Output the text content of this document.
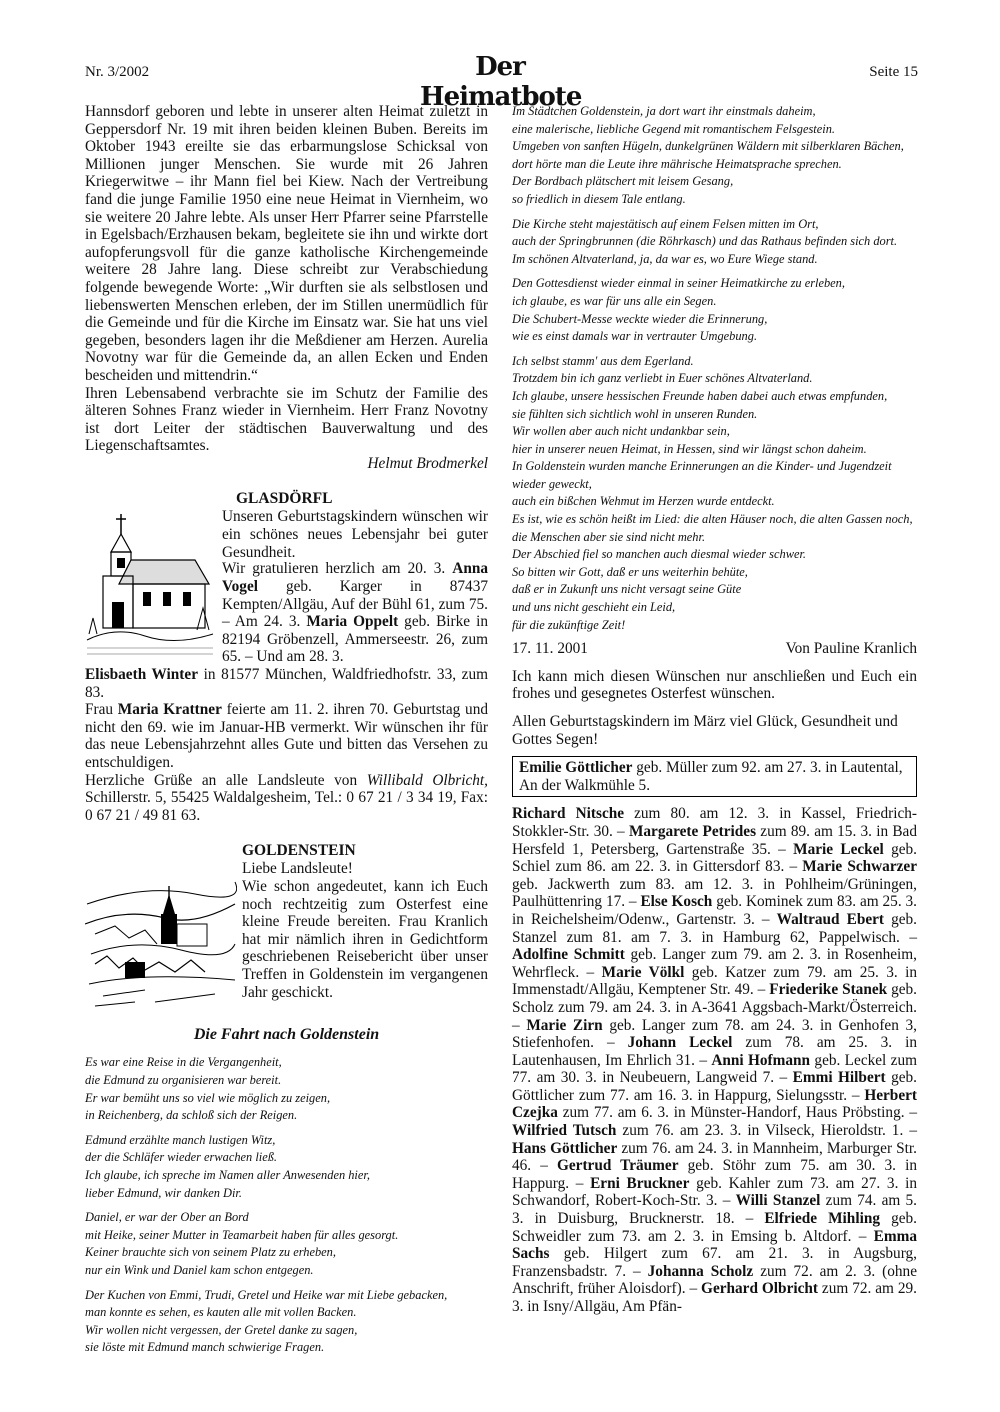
Nr. 3/2002	Der Heimatbote
Seite 15

Hannsdorf geboren und lebte in unserer alten Heimat zuletzt in Geppersdorf Nr. 19 mit ihren beiden kleinen Buben. Bereits im Oktober 1943 ereilte sie das erbarmungslose Schicksal von Millionen junger Menschen. Sie wurde mit 26 Jahren Kriegerwitwe – ihr Mann fiel bei Kiew. Nach der Vertreibung fand die junge Familie 1950 eine neue Heimat in Viernheim, wo sie weitere 20 Jahre lebte. Als unser Herr Pfarrer seine Pfarrstelle in Egelsbach/Erzhausen bekam, begleitete sie ihn und wirkte dort aufopferungsvoll für die ganze katholische Kirchengemeinde weitere 28 Jahre lang. Diese schreibt zur Verabschiedung folgende bewegende Worte: „Wir durften sie als selbstlosen und liebenswerten Menschen erleben, der im Stillen unermüdlich für die Gemeinde und für die Kirche im Einsatz war. Sie hat uns viel gegeben, besonders lagen ihr die Meßdiener am Herzen. Aurelia Novotny war für die Gemeinde da, an allen Ecken und Enden bescheiden und mittendrin.“

Ihren Lebensabend verbrachte sie im Schutz der Familie des älteren Sohnes Franz wieder in Viernheim. Herr Franz Novotny ist dort Leiter der städtischen Bauverwaltung und des Liegenschaftsamtes.

Helmut Brodmerkel

GLASDÖRFL

Unseren Geburtstagskindern wünschen wir ein schönes neues Lebensjahr bei guter Gesundheit.

Wir gratulieren herzlich am 20. 3. Anna Vogel geb. Karger in 87437 Kempten/Allgäu, Auf der Bühl 61, zum 75. – Am 24. 3. Maria Oppelt geb. Birke in 82194 Gröbenzell, Ammerseestr. 26, zum 65. – Und am 28. 3.

Elisbaeth Winter in 81577 München, Waldfriedhofstr. 33, zum 83.

Frau Maria Krattner feierte am 11. 2. ihren 70. Geburtstag und nicht den 69. wie im Januar-HB vermerkt. Wir wünschen ihr für das neue Lebensjahrzehnt alles Gute und bitten das Versehen zu entschuldigen.

Herzliche Grüße an alle Landsleute von Willibald Olbricht, Schillerstr. 5, 55425 Waldalgesheim, Tel.: 0 67 21 / 3 34 19, Fax: 0 67 21 / 49 81 63.

GOLDENSTEIN

Liebe Landsleute!

Wie schon angedeutet, kann ich Euch noch rechtzeitig zum Osterfest eine kleine Freude bereiten. Frau Kranlich hat mir nämlich ihren in Gedichtform geschriebenen Reisebericht über unser Treffen in Goldenstein im vergangenen Jahr geschickt.

Die Fahrt nach Goldenstein

Es war eine Reise in die Vergangenheit,
die Edmund zu organisieren war bereit.
Er war bemüht uns so viel wie möglich zu zeigen,
in Reichenberg, da schloß sich der Reigen.

Edmund erzählte manch lustigen Witz,
der die Schläfer wieder erwachen ließ.
Ich glaube, ich spreche im Namen aller Anwesenden hier,
lieber Edmund, wir danken Dir.

Daniel, er war der Ober an Bord
mit Heike, seiner Mutter in Teamarbeit haben für alles gesorgt.
Keiner brauchte sich von seinem Platz zu erheben,
nur ein Wink und Daniel kam schon entgegen.

Der Kuchen von Emmi, Trudi, Gretel und Heike war mit Liebe gebacken,
man konnte es sehen, es kauten alle mit vollen Backen.
Wir wollen nicht vergessen, der Gretel danke zu sagen,
sie löste mit Edmund manch schwierige Fragen.

Im Städtchen Goldenstein, ja dort wart ihr einstmals daheim,
eine malerische, liebliche Gegend mit romantischem Felsgestein.
Umgeben von sanften Hügeln, dunkelgrünen Wäldern mit silberklaren Bächen,
dort hörte man die Leute ihre mährische Heimatsprache sprechen.
Der Bordbach plätschert mit leisem Gesang,
so friedlich in diesem Tale entlang.

Die Kirche steht majestätisch auf einem Felsen mitten im Ort,
auch der Springbrunnen (die Röhrkasch) und das Rathaus befinden sich dort.
Im schönen Altvaterland, ja, da war es, wo Eure Wiege stand.

Den Gottesdienst wieder einmal in seiner Heimatkirche zu erleben,
ich glaube, es war für uns alle ein Segen.
Die Schubert-Messe weckte wieder die Erinnerung,
wie es einst damals war in vertrauter Umgebung.

Ich selbst stamm' aus dem Egerland.
Trotzdem bin ich ganz verliebt in Euer schönes Altvaterland.
Ich glaube, unsere hessischen Freunde haben dabei auch etwas empfunden,
sie fühlten sich sichtlich wohl in unseren Runden.
Wir wollen aber auch nicht undankbar sein,
hier in unserer neuen Heimat, in Hessen, sind wir längst schon daheim.
In Goldenstein wurden manche Erinnerungen an die Kinder- und Jugendzeit
wieder geweckt,
auch ein bißchen Wehmut im Herzen wurde entdeckt.
Es ist, wie es schön heißt im Lied: die alten Häuser noch, die alten Gassen noch,
die Menschen aber sie sind nicht mehr.
Der Abschied fiel so manchen auch diesmal wieder schwer.
So bitten wir Gott, daß er uns weiterhin behüte,
daß er in Zukunft uns nicht versagt seine Güte
und uns nicht geschieht ein Leid,
für die zukünftige Zeit!

17. 11. 2001	Von Pauline Kranlich

Ich kann mich diesen Wünschen nur anschließen und Euch ein frohes und gesegnetes Osterfest wünschen.

Allen Geburtstagskindern im März viel Glück, Gesundheit und Gottes Segen!

Emilie Göttlicher geb. Müller zum 92. am 27. 3. in Lautental, An der Walkmühle 5.

Richard Nitsche zum 80. am 12. 3. in Kassel, Friedrich-Stokkler-Str. 30. – Margarete Petrides zum 89. am 15. 3. in Bad Hersfeld 1, Petersberg, Gartenstraße 35. – Marie Leckel geb. Schiel zum 86. am 22. 3. in Gittersdorf 83. – Marie Schwarzer geb. Jackwerth zum 83. am 12. 3. in Pohlheim/Grüningen, Paulhüttenring 17. – Else Kosch geb. Kominek zum 83. am 25. 3. in Reichelsheim/Odenw., Gartenstr. 3. – Waltraud Ebert geb. Stanzel zum 81. am 7. 3. in Hamburg 62, Pappelwisch. – Adolfine Schmitt geb. Langer zum 79. am 2. 3. in Rosenheim, Wehrfleck. – Marie Völkl geb. Katzer zum 79. am 25. 3. in Immenstadt/Allgäu, Kemptener Str. 49. – Friederike Stanek geb. Scholz zum 79. am 24. 3. in A-3641 Aggsbach-Markt/Österreich. – Marie Zirn geb. Langer zum 78. am 24. 3. in Genhofen 3, Stiefenhofen. – Johann Leckel zum 78. am 25. 3. in Lautenhausen, Im Ehrlich 31. – Anni Hofmann geb. Leckel zum 77. am 30. 3. in Neubeuern, Langweid 7. – Emmi Hilbert geb. Göttlicher zum 77. am 16. 3. in Happurg, Sielungsstr. – Herbert Czejka zum 77. am 6. 3. in Münster-Handorf, Haus Pröbsting. – Wilfried Tutsch zum 76. am 23. 3. in Vilseck, Hieroldstr. 1. – Hans Göttlicher zum 76. am 24. 3. in Mannheim, Marburger Str. 46. – Gertrud Träumer geb. Stöhr zum 75. am 30. 3. in Happurg. – Erni Bruckner geb. Kahler zum 73. am 27. 3. in Schwandorf, Robert-Koch-Str. 3. – Willi Stanzel zum 74. am 5. 3. in Duisburg, Brucknerstr. 18. – Elfriede Mihling geb. Schweidler zum 73. am 2. 3. in Emsing b. Altdorf. – Emma Sachs geb. Hilgert zum 67. am 21. 3. in Augsburg, Franzensbadstr. 7. – Johanna Scholz zum 72. am 2. 3. (ohne Anschrift, früher Aloisdorf). – Gerhard Olbricht zum 72. am 29. 3. in Isny/Allgäu, Am Pfän-
